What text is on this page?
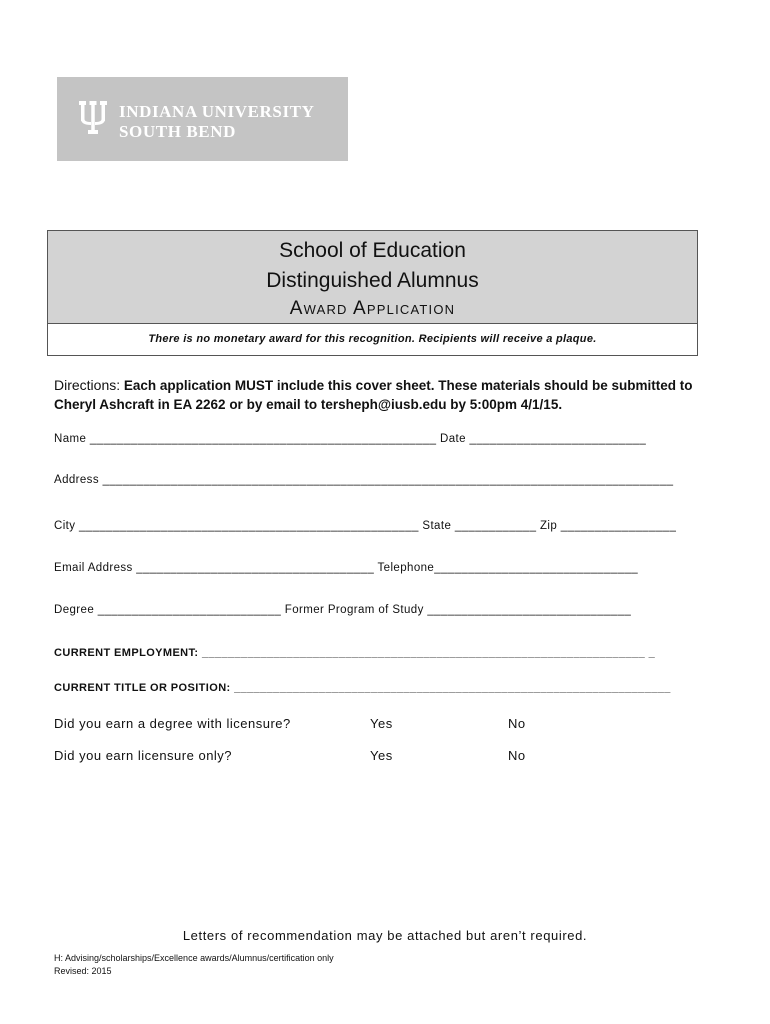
INDIANA UNIVERSITY
SOUTH BEND
School of Education
Distinguished Alumnus
Award Application
There is no monetary award for this recognition. Recipients will receive a plaque.
Directions: Each application MUST include this cover sheet. These materials should be submitted to Cheryl Ashcraft in EA 2262 or by email to tersheph@iusb.edu by 5:00pm 4/1/15.
Name ___________________________________________________ Date __________________________
Address ____________________________________________________________________________________
City __________________________________________________ State ____________ Zip _________________
Email Address ___________________________________ Telephone______________________________
Degree ___________________________ Former Program of Study ______________________________
CURRENT EMPLOYMENT: ____________________________________________________________________ _
CURRENT TITLE OR POSITION: ___________________________________________________________________
Did you earn a degree with licensure?	Yes	No
Did you earn licensure only?	Yes	No
Letters of recommendation may be attached but aren’t required.
H: Advising/scholarships/Excellence awards/Alumnus/certification only
Revised: 2015
